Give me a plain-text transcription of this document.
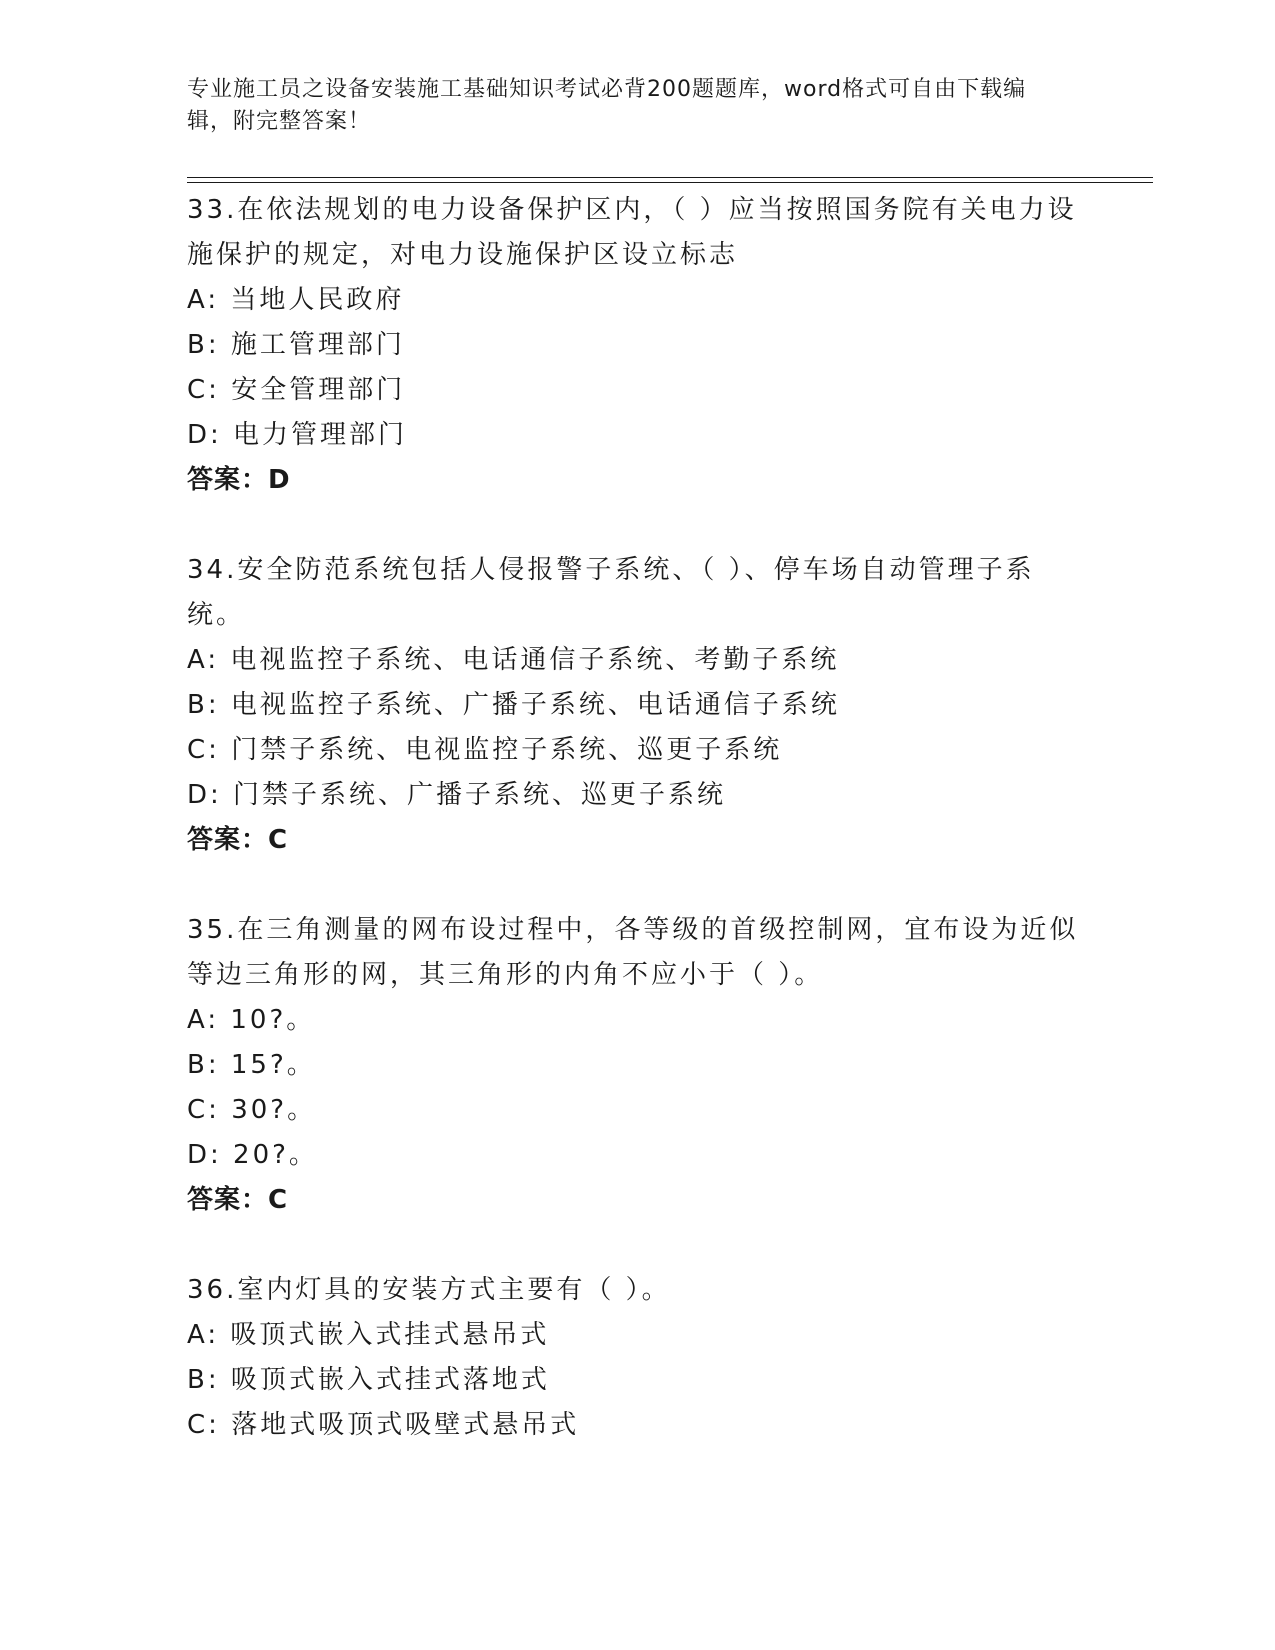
专业施工员之设备安装施工基础知识考试必背200题题库，word格式可自由下载编辑，附完整答案！

33.在依法规划的电力设备保护区内，（ ）应当按照国务院有关电力设施保护的规定，对电力设施保护区设立标志

A: 当地人民政府
B: 施工管理部门
C: 安全管理部门
D: 电力管理部门
答案：D

34.安全防范系统包括人侵报警子系统、（ ）、停车场自动管理子系统。

A: 电视监控子系统、电话通信子系统、考勤子系统
B: 电视监控子系统、广播子系统、电话通信子系统
C: 门禁子系统、电视监控子系统、巡更子系统
D: 门禁子系统、广播子系统、巡更子系统
答案：C

35.在三角测量的网布设过程中，各等级的首级控制网，宜布设为近似等边三角形的网，其三角形的内角不应小于（ ）。

A: 10?。
B: 15?。
C: 30?。
D: 20?。
答案：C

36.室内灯具的安装方式主要有（ ）。

A: 吸顶式嵌入式挂式悬吊式
B: 吸顶式嵌入式挂式落地式
C: 落地式吸顶式吸壁式悬吊式
